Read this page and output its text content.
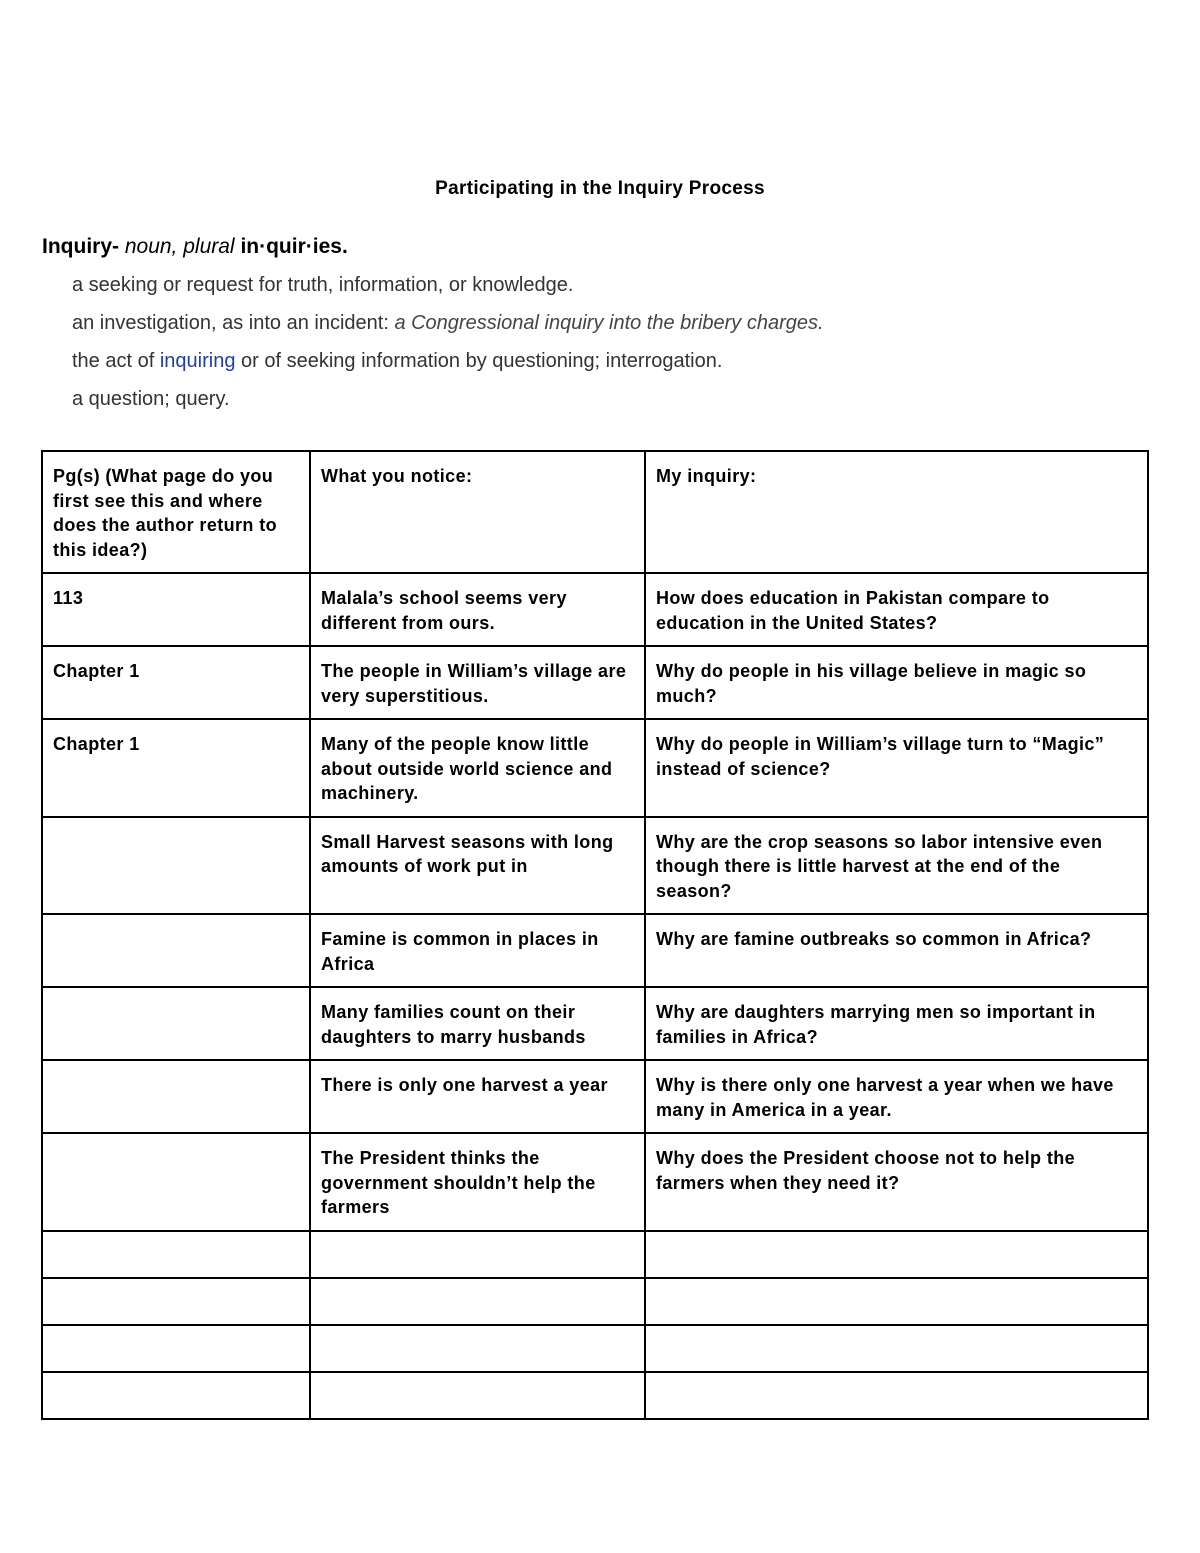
Participating in the Inquiry Process
Inquiry- noun, plural in·quir·ies.
a seeking or request for truth, information, or knowledge.
an investigation, as into an incident: a Congressional inquiry into the bribery charges.
the act of inquiring or of seeking information by questioning; interrogation.
a question; query.
Pg(s) (What page do you first see this and where does the author return to this idea?)	What you notice:	My inquiry:
113	Malala’s school seems very different from ours.	How does education in Pakistan compare to education in the United States?
Chapter 1	The people in William’s village are very superstitious.	Why do people in his village believe in magic so much?
Chapter 1	Many of the people know little about outside world science and machinery.	Why do people in William’s village turn to “Magic” instead of science?
	Small Harvest seasons with long amounts of work put in	Why are the crop seasons so labor intensive even though there is little harvest at the end of the season?
	Famine is common in places in Africa	Why are famine outbreaks so common in Africa?
	Many families count on their daughters to marry husbands	Why are daughters marrying men so important in families in Africa?
	There is only one harvest a year	Why is there only one harvest a year when we have many in America in a year.
	The President thinks the government shouldn’t help the farmers	Why does the President choose not to help the farmers when they need it?
